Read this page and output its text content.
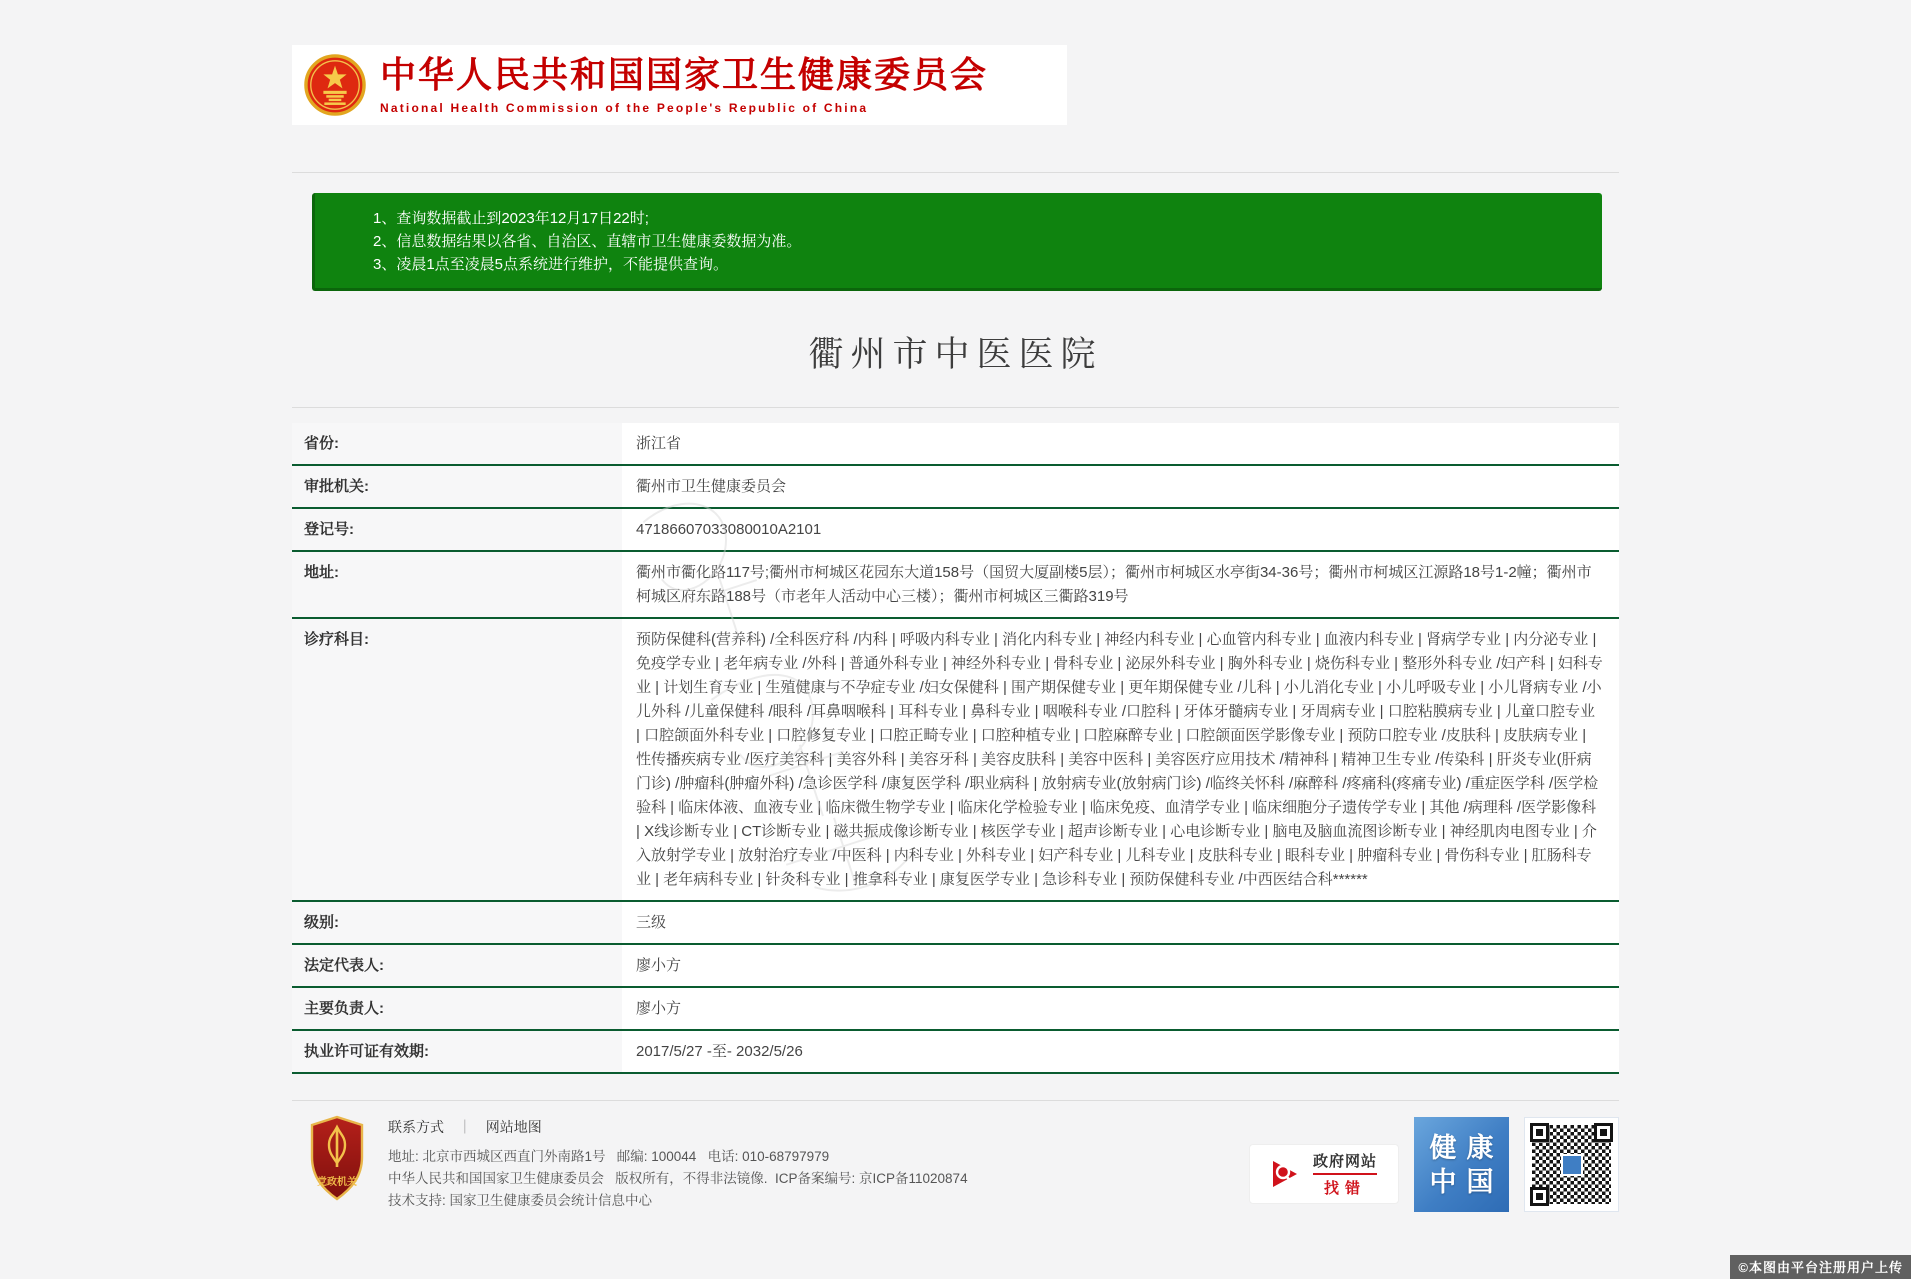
中华人民共和国国家卫生健康委员会
National Health Commission of the People's Republic of China
1、查询数据截止到2023年12月17日22时;
2、信息数据结果以各省、自治区、直辖市卫生健康委数据为准。
3、凌晨1点至凌晨5点系统进行维护，不能提供查询。
衢州市中医医院
省份:	浙江省
审批机关:	衢州市卫生健康委员会
登记号:	47186607033080010A2101
地址:	衢州市衢化路117号;衢州市柯城区花园东大道158号（国贸大厦副楼5层）；衢州市柯城区水亭街34-36号；衢州市柯城区江源路18号1-2幢；衢州市柯城区府东路188号（市老年人活动中心三楼）；衢州市柯城区三衢路319号
诊疗科目:	预防保健科(营养科) /全科医疗科 /内科 | 呼吸内科专业 | 消化内科专业 | 神经内科专业 | 心血管内科专业 | 血液内科专业 | 肾病学专业 | 内分泌专业 | 免疫学专业 | 老年病专业 /外科 | 普通外科专业 | 神经外科专业 | 骨科专业 | 泌尿外科专业 | 胸外科专业 | 烧伤科专业 | 整形外科专业 /妇产科 | 妇科专业 | 计划生育专业 | 生殖健康与不孕症专业 /妇女保健科 | 围产期保健专业 | 更年期保健专业 /儿科 | 小儿消化专业 | 小儿呼吸专业 | 小儿肾病专业 /小儿外科 /儿童保健科 /眼科 /耳鼻咽喉科 | 耳科专业 | 鼻科专业 | 咽喉科专业 /口腔科 | 牙体牙髓病专业 | 牙周病专业 | 口腔粘膜病专业 | 儿童口腔专业 | 口腔颌面外科专业 | 口腔修复专业 | 口腔正畸专业 | 口腔种植专业 | 口腔麻醉专业 | 口腔颌面医学影像专业 | 预防口腔专业 /皮肤科 | 皮肤病专业 | 性传播疾病专业 /医疗美容科 | 美容外科 | 美容牙科 | 美容皮肤科 | 美容中医科 | 美容医疗应用技术 /精神科 | 精神卫生专业 /传染科 | 肝炎专业(肝病门诊) /肿瘤科(肿瘤外科) /急诊医学科 /康复医学科 /职业病科 | 放射病专业(放射病门诊) /临终关怀科 /麻醉科 /疼痛科(疼痛专业) /重症医学科 /医学检验科 | 临床体液、血液专业 | 临床微生物学专业 | 临床化学检验专业 | 临床免疫、血清学专业 | 临床细胞分子遗传学专业 | 其他 /病理科 /医学影像科 | X线诊断专业 | CT诊断专业 | 磁共振成像诊断专业 | 核医学专业 | 超声诊断专业 | 心电诊断专业 | 脑电及脑血流图诊断专业 | 神经肌肉电图专业 | 介入放射学专业 | 放射治疗专业 /中医科 | 内科专业 | 外科专业 | 妇产科专业 | 儿科专业 | 皮肤科专业 | 眼科专业 | 肿瘤科专业 | 骨伤科专业 | 肛肠科专业 | 老年病科专业 | 针灸科专业 | 推拿科专业 | 康复医学专业 | 急诊科专业 | 预防保健科专业 /中西医结合科******
级别:	三级
法定代表人:	廖小方
主要负责人:	廖小方
执业许可证有效期:	2017/5/27 -至- 2032/5/26
党政机关
联系方式 ｜ 网站地图
地址: 北京市西城区西直门外南路1号   邮编: 100044   电话: 010-68797979
中华人民共和国国家卫生健康委员会   版权所有，不得非法镜像.  ICP备案编号: 京ICP备11020874
技术支持: 国家卫生健康委员会统计信息中心
政府网站
找错
健康
中国
©本图由平台注册用户上传
